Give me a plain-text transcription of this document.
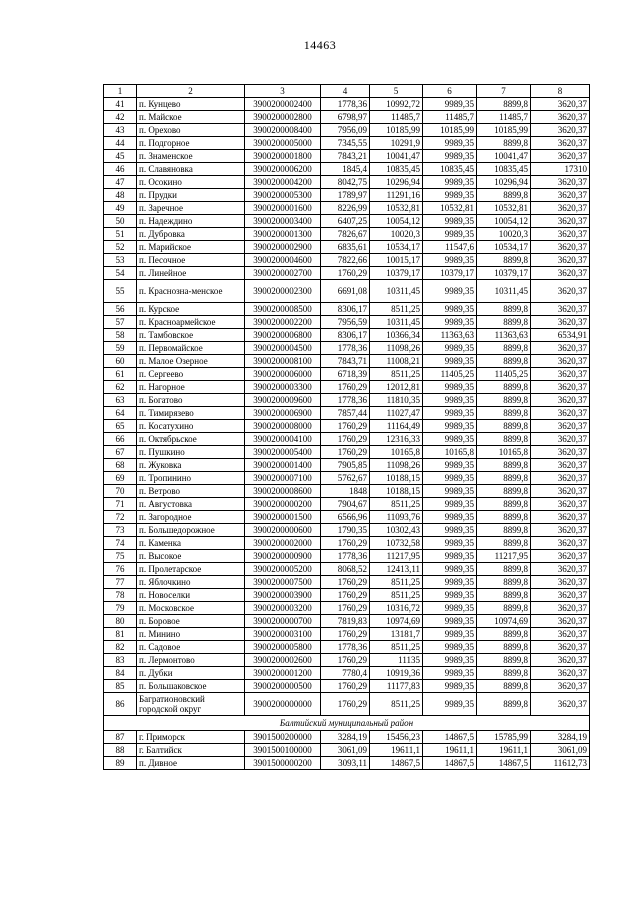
14463
1	2	3	4	5	6	7	8
41	п. Кунцево	3900200002400	1778,36	10992,72	9989,35	8899,8	3620,37
42	п. Майское	3900200002800	6798,97	11485,7	11485,7	11485,7	3620,37
43	п. Орехово	3900200008400	7956,09	10185,99	10185,99	10185,99	3620,37
44	п. Подгорное	3900200005000	7345,55	10291,9	9989,35	8899,8	3620,37
45	п. Знаменское	3900200001800	7843,21	10041,47	9989,35	10041,47	3620,37
46	п. Славяновка	3900200006200	1845,4	10835,45	10835,45	10835,45	17310
47	п. Осокино	3900200004200	8042,75	10296,94	9989,35	10296,94	3620,37
48	п. Прудки	3900200005300	1789,97	11291,16	9989,35	8899,8	3620,37
49	п. Заречное	3900200001600	8226,99	10532,81	10532,81	10532,81	3620,37
50	п. Надеждино	3900200003400	6407,25	10054,12	9989,35	10054,12	3620,37
51	п. Дубровка	3900200001300	7826,67	10020,3	9989,35	10020,3	3620,37
52	п. Марийское	3900200002900	6835,61	10534,17	11547,6	10534,17	3620,37
53	п. Песочное	3900200004600	7822,66	10015,17	9989,35	8899,8	3620,37
54	п. Линейное	3900200002700	1760,29	10379,17	10379,17	10379,17	3620,37
55	п. Краснозна-менское	3900200002300	6691,08	10311,45	9989,35	10311,45	3620,37
56	п. Курское	3900200008500	8306,17	8511,25	9989,35	8899,8	3620,37
57	п. Красноармейское	3900200002200	7956,59	10311,45	9989,35	8899,8	3620,37
58	п. Тамбовское	3900200006800	8306,17	10366,34	11363,63	11363,63	6534,91
59	п. Первомайское	3900200004500	1778,36	11098,26	9989,35	8899,8	3620,37
60	п. Малое Озерное	3900200008100	7843,71	11008,21	9989,35	8899,8	3620,37
61	п. Сергеево	3900200006000	6718,39	8511,25	11405,25	11405,25	3620,37
62	п. Нагорное	3900200003300	1760,29	12012,81	9989,35	8899,8	3620,37
63	п. Богатово	3900200009600	1778,36	11810,35	9989,35	8899,8	3620,37
64	п. Тимирязево	3900200006900	7857,44	11027,47	9989,35	8899,8	3620,37
65	п. Косатухино	3900200008000	1760,29	11164,49	9989,35	8899,8	3620,37
66	п. Октябрьское	3900200004100	1760,29	12316,33	9989,35	8899,8	3620,37
67	п. Пушкино	3900200005400	1760,29	10165,8	10165,8	10165,8	3620,37
68	п. Жуковка	3900200001400	7905,85	11098,26	9989,35	8899,8	3620,37
69	п. Тропинино	3900200007100	5762,67	10188,15	9989,35	8899,8	3620,37
70	п. Ветрово	3900200008600	1848	10188,15	9989,35	8899,8	3620,37
71	п. Августовка	3900200000200	7904,67	8511,25	9989,35	8899,8	3620,37
72	п. Загородное	3900200001500	6566,96	11093,76	9989,35	8899,8	3620,37
73	п. Большедорожное	3900200000600	1790,35	10302,43	9989,35	8899,8	3620,37
74	п. Каменка	3900200002000	1760,29	10732,58	9989,35	8899,8	3620,37
75	п. Высокое	3900200000900	1778,36	11217,95	9989,35	11217,95	3620,37
76	п. Пролетарское	3900200005200	8068,52	12413,11	9989,35	8899,8	3620,37
77	п. Яблочкино	3900200007500	1760,29	8511,25	9989,35	8899,8	3620,37
78	п. Новоселки	3900200003900	1760,29	8511,25	9989,35	8899,8	3620,37
79	п. Московское	3900200003200	1760,29	10316,72	9989,35	8899,8	3620,37
80	п. Боровое	3900200000700	7819,83	10974,69	9989,35	10974,69	3620,37
81	п. Минино	3900200003100	1760,29	13181,7	9989,35	8899,8	3620,37
82	п. Садовое	3900200005800	1778,36	8511,25	9989,35	8899,8	3620,37
83	п. Лермонтово	3900200002600	1760,29	11135	9989,35	8899,8	3620,37
84	п. Дубки	3900200001200	7780,4	10919,36	9989,35	8899,8	3620,37
85	п. Большаковское	3900200000500	1760,29	11177,83	9989,35	8899,8	3620,37
86	Багратионовский городской округ	3900200000000	1760,29	8511,25	9989,35	8899,8	3620,37
Балтийский муниципальный район							
87	г. Приморск	3901500200000	3284,19	15456,23	14867,5	15785,99	3284,19
88	г. Балтийск	3901500100000	3061,09	19611,1	19611,1	19611,1	3061,09
89	п. Дивное	3901500000200	3093,11	14867,5	14867,5	14867,5	11612,73
